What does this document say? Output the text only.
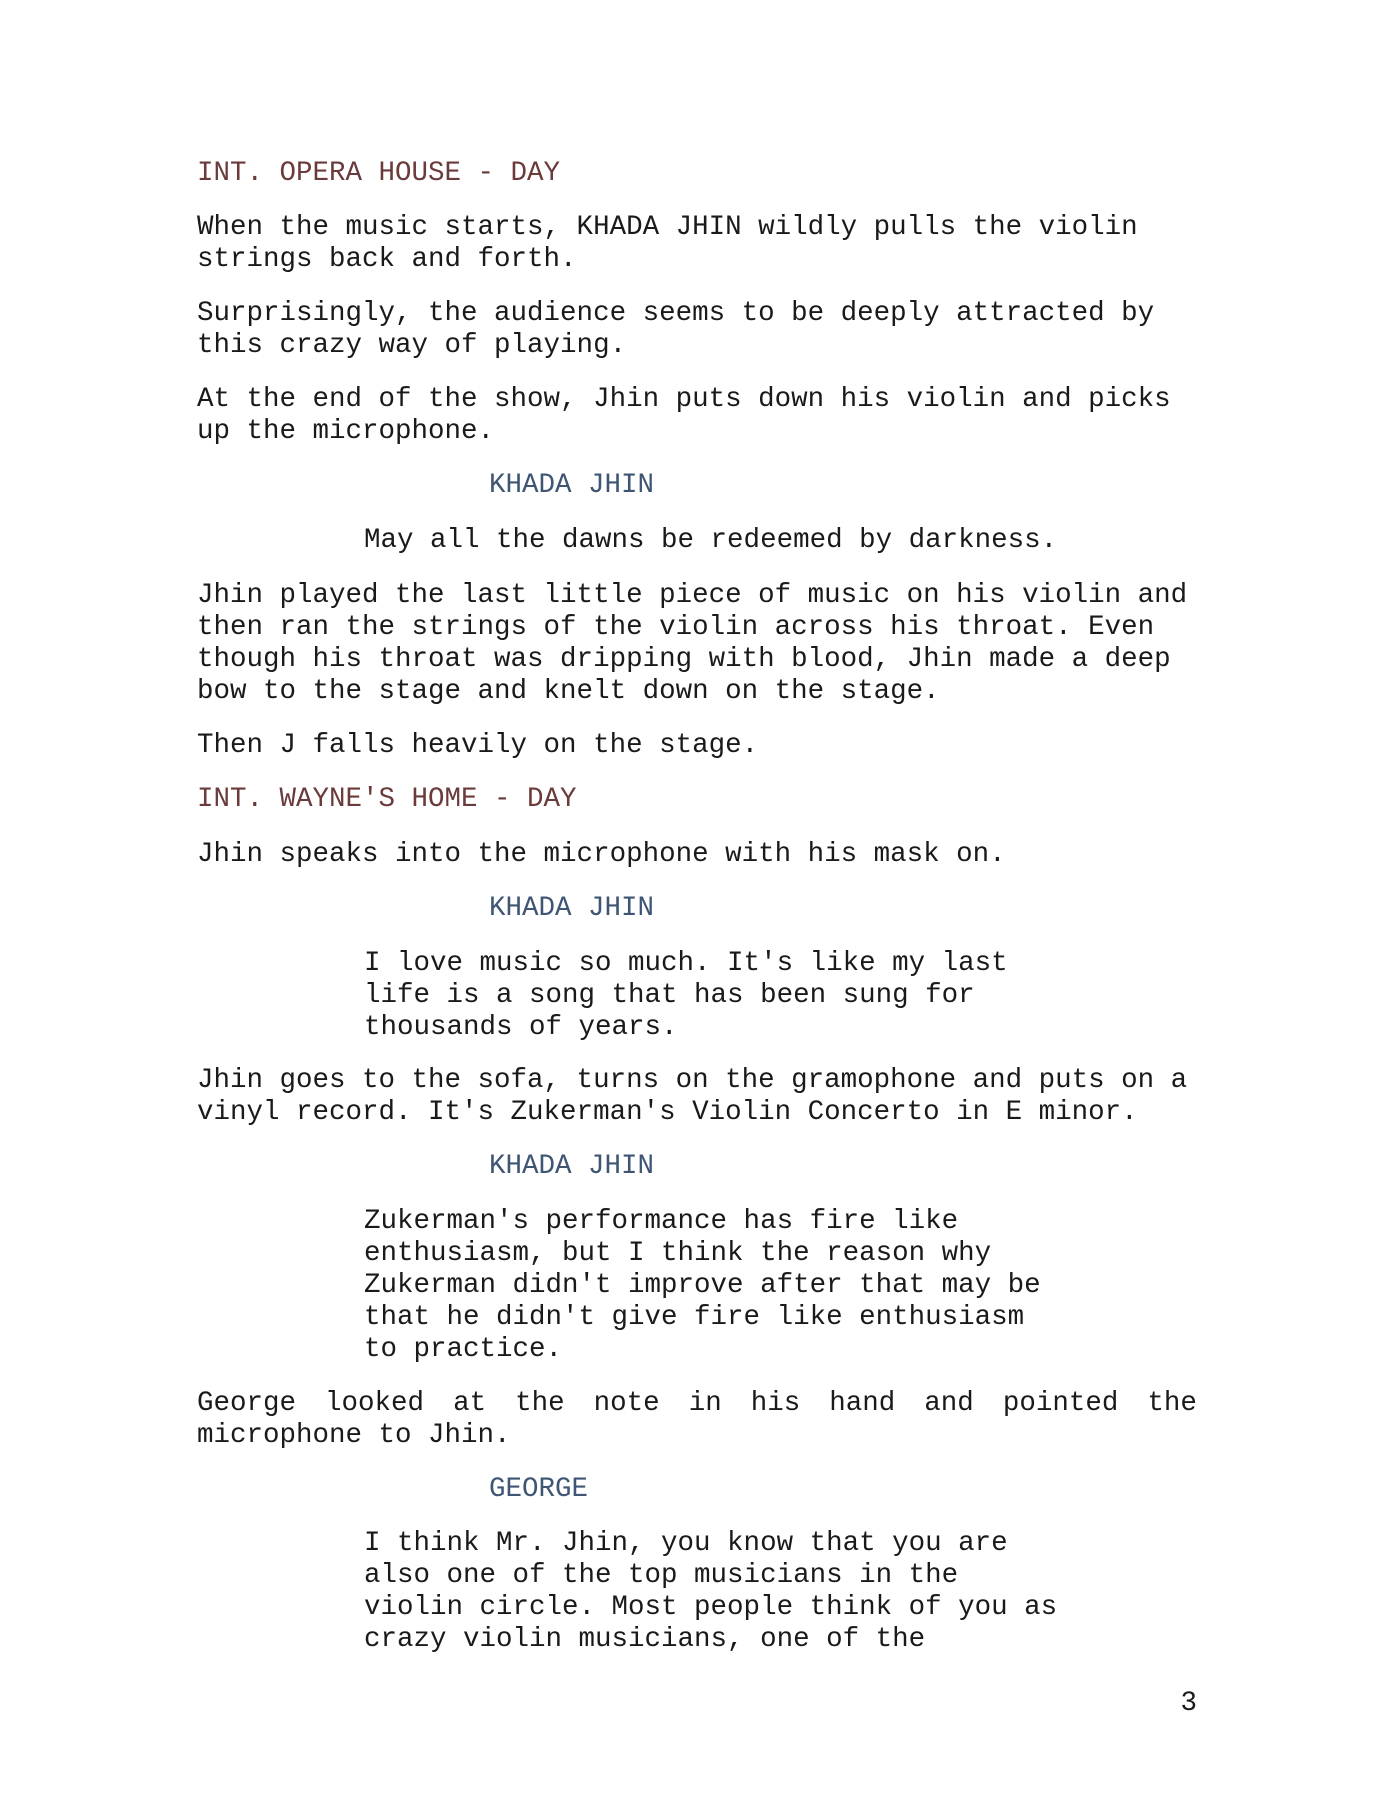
INT. OPERA HOUSE - DAY
When the music starts, KHADA JHIN wildly pulls the violin
strings back and forth.
Surprisingly, the audience seems to be deeply attracted by
this crazy way of playing.
At the end of the show, Jhin puts down his violin and picks
up the microphone.
KHADA JHIN
May all the dawns be redeemed by darkness.
Jhin played the last little piece of music on his violin and
then ran the strings of the violin across his throat. Even
though his throat was dripping with blood, Jhin made a deep
bow to the stage and knelt down on the stage.
Then J falls heavily on the stage.
INT. WAYNE'S HOME - DAY
Jhin speaks into the microphone with his mask on.
KHADA JHIN
I love music so much. It's like my last
life is a song that has been sung for
thousands of years.
Jhin goes to the sofa, turns on the gramophone and puts on a
vinyl record. It's Zukerman's Violin Concerto in E minor.
KHADA JHIN
Zukerman's performance has fire like
enthusiasm, but I think the reason why
Zukerman didn't improve after that may be
that he didn't give fire like enthusiasm
to practice.
George looked at the note in his hand and pointed the
microphone to Jhin.
GEORGE
I think Mr. Jhin, you know that you are
also one of the top musicians in the
violin circle. Most people think of you as
crazy violin musicians, one of the
3
